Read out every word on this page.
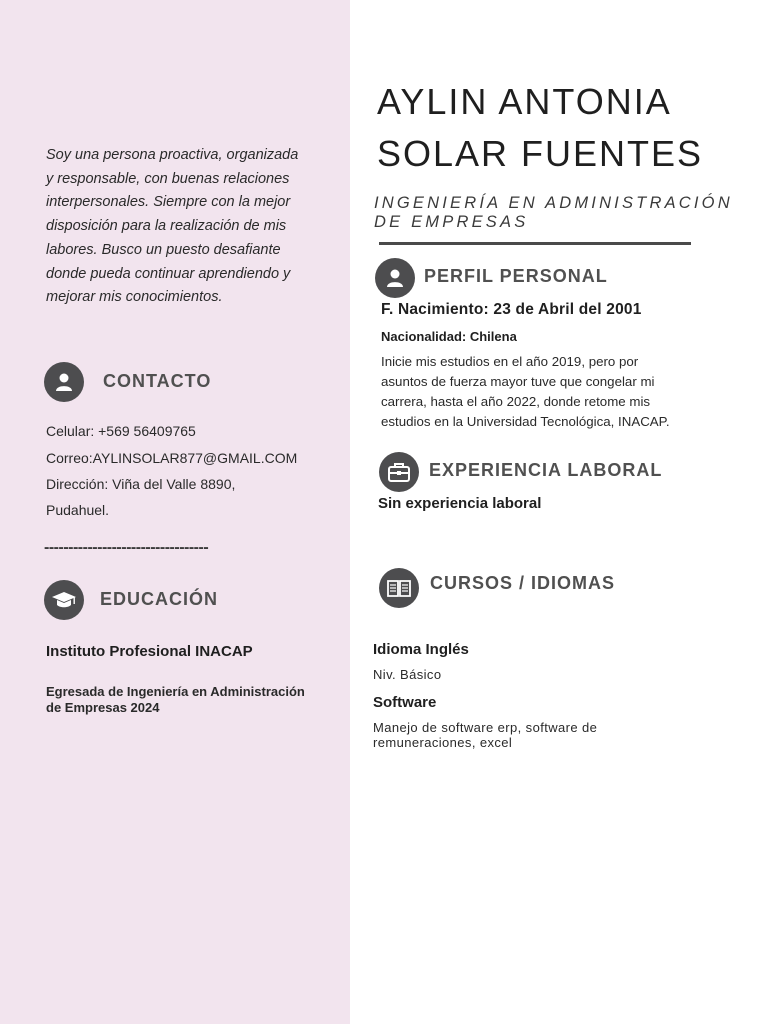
Soy una persona proactiva, organizada y responsable, con buenas relaciones interpersonales. Siempre con la mejor disposición para la realización de mis labores. Busco un puesto desafiante donde pueda continuar aprendiendo y mejorar mis conocimientos.
CONTACTO
Celular: +569 56409765
Correo:AYLINSOLAR877@GMAIL.COM
Dirección: Viña del Valle 8890,
Pudahuel.
----------------------------------
EDUCACIÓN
Instituto Profesional INACAP
Egresada de Ingeniería en Administración de Empresas 2024
AYLIN ANTONIA SOLAR FUENTES
INGENIERÍA EN ADMINISTRACIÓN DE EMPRESAS
PERFIL PERSONAL
F. Nacimiento: 23 de Abril del 2001
Nacionalidad: Chilena
Inicie mis estudios en el año 2019, pero por asuntos de fuerza mayor tuve que congelar mi carrera, hasta el año 2022, donde retome mis estudios en la Universidad Tecnológica, INACAP.
EXPERIENCIA LABORAL
Sin experiencia laboral
CURSOS / IDIOMAS
Idioma Inglés
Niv. Básico
Software
Manejo de software erp, software de remuneraciones, excel
